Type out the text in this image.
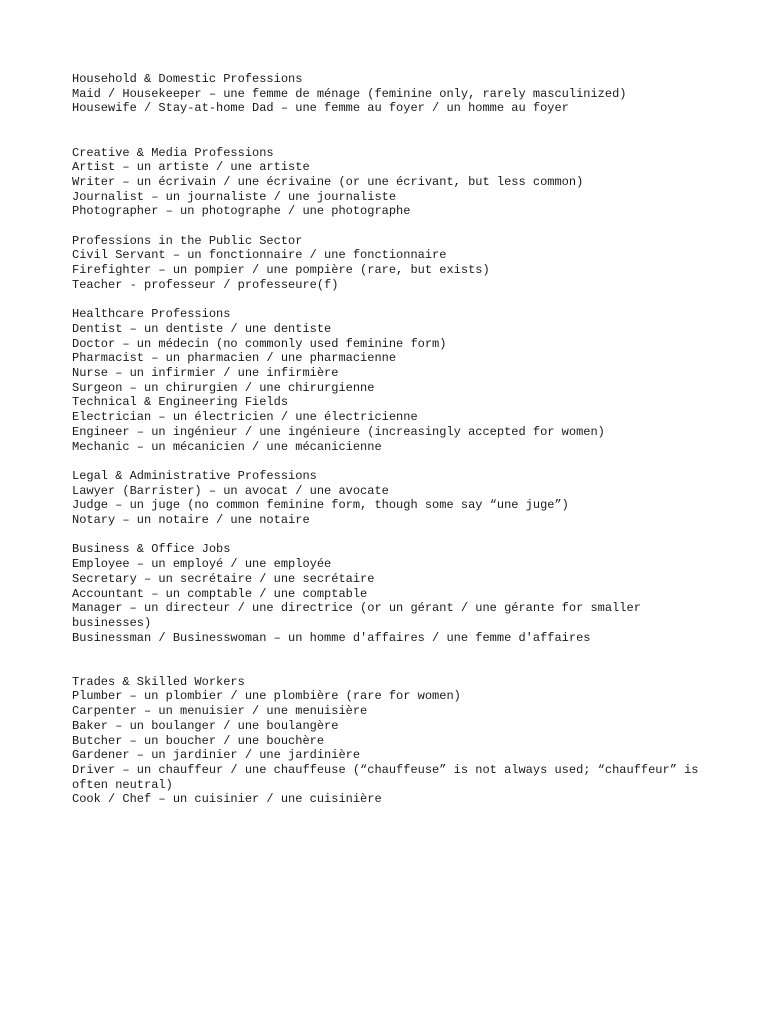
Household & Domestic Professions
Maid / Housekeeper – une femme de ménage (feminine only, rarely masculinized)
Housewife / Stay-at-home Dad – une femme au foyer / un homme au foyer
Creative & Media Professions
Artist – un artiste / une artiste
Writer – un écrivain / une écrivaine (or une écrivant, but less common)
Journalist – un journaliste / une journaliste
Photographer – un photographe / une photographe
Professions in the Public Sector
Civil Servant – un fonctionnaire / une fonctionnaire
Firefighter – un pompier / une pompière (rare, but exists)
Teacher - professeur / professeure(f)
Healthcare Professions
Dentist – un dentiste / une dentiste
Doctor – un médecin (no commonly used feminine form)
Pharmacist – un pharmacien / une pharmacienne
Nurse – un infirmier / une infirmière
Surgeon – un chirurgien / une chirurgienne
Technical & Engineering Fields
Electrician – un électricien / une électricienne
Engineer – un ingénieur / une ingénieure (increasingly accepted for women)
Mechanic – un mécanicien / une mécanicienne
Legal & Administrative Professions
Lawyer (Barrister) – un avocat / une avocate
Judge – un juge (no common feminine form, though some say “une juge”)
Notary – un notaire / une notaire
Business & Office Jobs
Employee – un employé / une employée
Secretary – un secrétaire / une secrétaire
Accountant – un comptable / une comptable
Manager – un directeur / une directrice (or un gérant / une gérante for smaller businesses)
Businessman / Businesswoman – un homme d'affaires / une femme d'affaires
Trades & Skilled Workers
Plumber – un plombier / une plombière (rare for women)
Carpenter – un menuisier / une menuisière
Baker – un boulanger / une boulangère
Butcher – un boucher / une bouchère
Gardener – un jardinier / une jardinière
Driver – un chauffeur / une chauffeuse (“chauffeuse” is not always used; “chauffeur” is often neutral)
Cook / Chef – un cuisinier / une cuisinière
